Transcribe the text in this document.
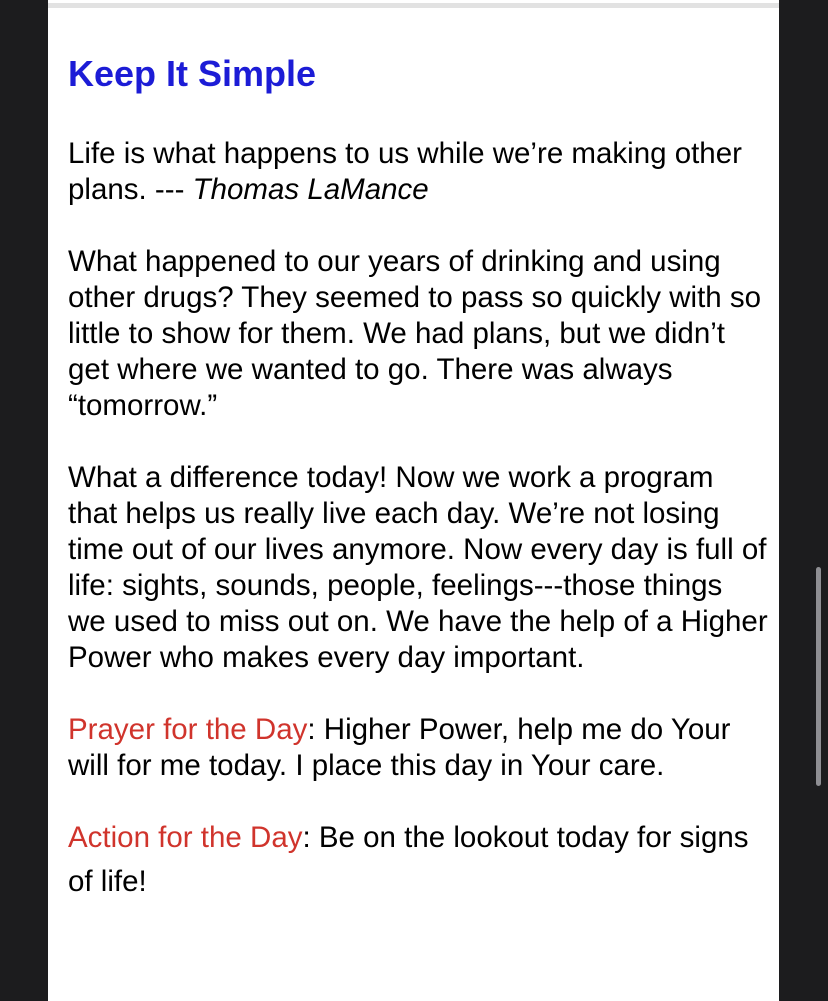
Keep It Simple

Life is what happens to us while we’re making other plans. --- Thomas LaMance

What happened to our years of drinking and using other drugs? They seemed to pass so quickly with so little to show for them. We had plans, but we didn’t get where we wanted to go. There was always “tomorrow.”

What a difference today! Now we work a program that helps us really live each day. We’re not losing time out of our lives anymore. Now every day is full of life: sights, sounds, people, feelings---those things we used to miss out on. We have the help of a Higher Power who makes every day important.

Prayer for the Day: Higher Power, help me do Your will for me today. I place this day in Your care.

Action for the Day: Be on the lookout today for signs of life!
